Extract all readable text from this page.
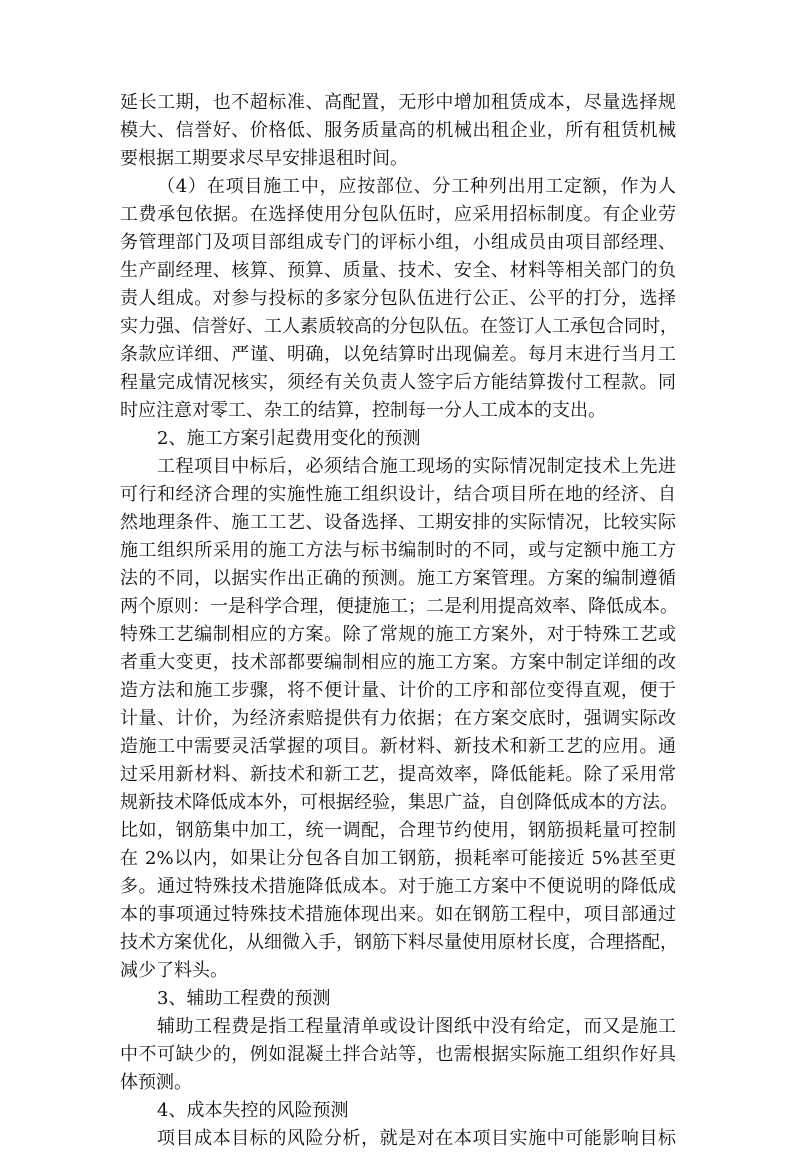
延长工期，也不超标准、高配置，无形中增加租赁成本，尽量选择规
模大、信誉好、价格低、服务质量高的机械出租企业，所有租赁机械
要根据工期要求尽早安排退租时间。
（4）在项目施工中，应按部位、分工种列出用工定额，作为人
工费承包依据。在选择使用分包队伍时，应采用招标制度。有企业劳
务管理部门及项目部组成专门的评标小组，小组成员由项目部经理、
生产副经理、核算、预算、质量、技术、安全、材料等相关部门的负
责人组成。对参与投标的多家分包队伍进行公正、公平的打分，选择
实力强、信誉好、工人素质较高的分包队伍。在签订人工承包合同时，
条款应详细、严谨、明确，以免结算时出现偏差。每月末进行当月工
程量完成情况核实，须经有关负责人签字后方能结算拨付工程款。同
时应注意对零工、杂工的结算，控制每一分人工成本的支出。
2、施工方案引起费用变化的预测
工程项目中标后，必须结合施工现场的实际情况制定技术上先进
可行和经济合理的实施性施工组织设计，结合项目所在地的经济、自
然地理条件、施工工艺、设备选择、工期安排的实际情况，比较实际
施工组织所采用的施工方法与标书编制时的不同，或与定额中施工方
法的不同，以据实作出正确的预测。施工方案管理。方案的编制遵循
两个原则：一是科学合理，便捷施工；二是利用提高效率、降低成本。
特殊工艺编制相应的方案。除了常规的施工方案外，对于特殊工艺或
者重大变更，技术部都要编制相应的施工方案。方案中制定详细的改
造方法和施工步骤，将不便计量、计价的工序和部位变得直观，便于
计量、计价，为经济索赔提供有力依据；在方案交底时，强调实际改
造施工中需要灵活掌握的项目。新材料、新技术和新工艺的应用。通
过采用新材料、新技术和新工艺，提高效率，降低能耗。除了采用常
规新技术降低成本外，可根据经验，集思广益，自创降低成本的方法。
比如，钢筋集中加工，统一调配，合理节约使用，钢筋损耗量可控制
在 2%以内，如果让分包各自加工钢筋，损耗率可能接近 5%甚至更
多。通过特殊技术措施降低成本。对于施工方案中不便说明的降低成
本的事项通过特殊技术措施体现出来。如在钢筋工程中，项目部通过
技术方案优化，从细微入手，钢筋下料尽量使用原材长度，合理搭配，
减少了料头。
3、辅助工程费的预测
辅助工程费是指工程量清单或设计图纸中没有给定，而又是施工
中不可缺少的，例如混凝土拌合站等，也需根据实际施工组织作好具
体预测。
4、成本失控的风险预测
项目成本目标的风险分析，就是对在本项目实施中可能影响目标
